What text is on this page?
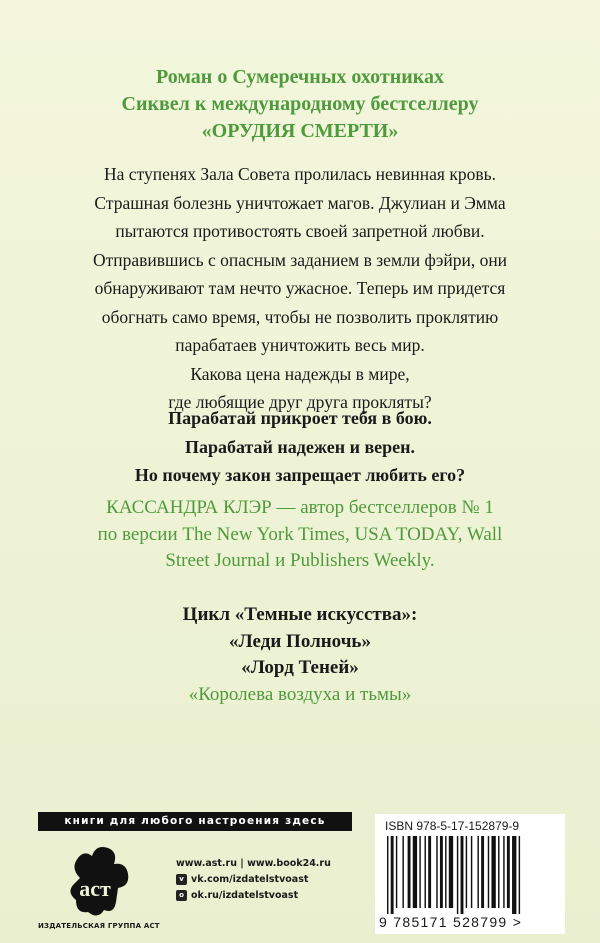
Роман о Сумеречных охотниках
Сиквел к международному бестселлеру
«ОРУДИЯ СМЕРТИ»
На ступенях Зала Совета пролилась невинная кровь.
Страшная болезнь уничтожает магов. Джулиан и Эмма
пытаются противостоять своей запретной любви.
Отправившись с опасным заданием в земли фэйри, они
обнаруживают там нечто ужасное. Теперь им придется
обогнать само время, чтобы не позволить проклятию
парабатаев уничтожить весь мир.
Какова цена надежды в мире,
где любящие друг друга прокляты?
Парабатай прикроет тебя в бою.
Парабатай надежен и верен.
Но почему закон запрещает любить его?
КАССАНДРА КЛЭР — автор бестселлеров № 1
по версии The New York Times, USA TODAY, Wall
Street Journal и Publishers Weekly.
Цикл «Темные искусства»:
«Леди Полночь»
«Лорд Теней»
«Королева воздуха и тьмы»
книги для любого настроения здесь
аст
ИЗДАТЕЛЬСКАЯ ГРУППА АСТ
www.ast.ru | www.book24.ru
v vk.com/izdatelstvoast
o ok.ru/izdatelstvoast
ISBN 978-5-17-152879-9
9 785171 528799 >
